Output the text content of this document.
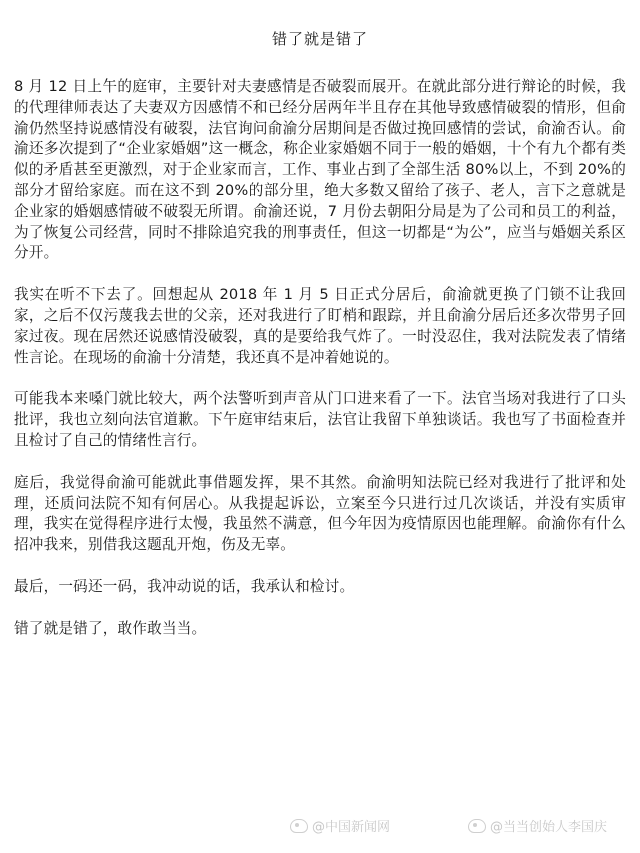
错了就是错了

8 月 12 日上午的庭审，主要针对夫妻感情是否破裂而展开。在就此部分进行辩论的时候，我的代理律师表达了夫妻双方因感情不和已经分居两年半且存在其他导致感情破裂的情形，但俞渝仍然坚持说感情没有破裂，法官询问俞渝分居期间是否做过挽回感情的尝试，俞渝否认。俞渝还多次提到了“企业家婚姻”这一概念，称企业家婚姻不同于一般的婚姻，十个有九个都有类似的矛盾甚至更激烈，对于企业家而言，工作、事业占到了全部生活 80%以上，不到 20%的部分才留给家庭。而在这不到 20%的部分里，绝大多数又留给了孩子、老人，言下之意就是企业家的婚姻感情破不破裂无所谓。俞渝还说，7 月份去朝阳分局是为了公司和员工的利益，为了恢复公司经营，同时不排除追究我的刑事责任，但这一切都是“为公”，应当与婚姻关系区分开。

我实在听不下去了。回想起从 2018 年 1 月 5 日正式分居后，俞渝就更换了门锁不让我回家，之后不仅污蔑我去世的父亲，还对我进行了盯梢和跟踪，并且俞渝分居后还多次带男子回家过夜。现在居然还说感情没破裂，真的是要给我气炸了。一时没忍住，我对法院发表了情绪性言论。在现场的俞渝十分清楚，我还真不是冲着她说的。

可能我本来嗓门就比较大，两个法警听到声音从门口进来看了一下。法官当场对我进行了口头批评，我也立刻向法官道歉。下午庭审结束后，法官让我留下单独谈话。我也写了书面检查并且检讨了自己的情绪性言行。

庭后，我觉得俞渝可能就此事借题发挥，果不其然。俞渝明知法院已经对我进行了批评和处理，还质问法院不知有何居心。从我提起诉讼，立案至今只进行过几次谈话，并没有实质审理，我实在觉得程序进行太慢，我虽然不满意，但今年因为疫情原因也能理解。俞渝你有什么招冲我来，别借我这题乱开炮，伤及无辜。

最后，一码还一码，我冲动说的话，我承认和检讨。

错了就是错了，敢作敢当当。

@中国新闻网	@当当创始人李国庆
